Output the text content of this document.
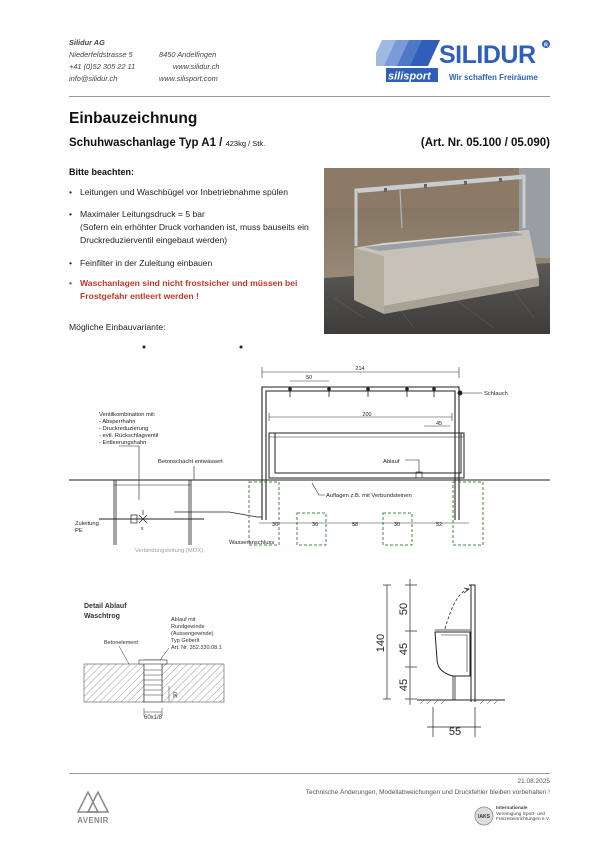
Silidur AG
Niederfeldstrasse 5	8450 Andelfingen
+41 (0)52 305 22 11	www.silidur.ch
info@silidur.ch	www.silisport.com
SILIDUR R
silisport Wir schaffen Freiräume
Einbauzeichnung
Schuhwaschanlage Typ A1 / 423kg / Stk.	(Art. Nr. 05.100 / 05.090)
Bitte beachten:
• Leitungen und Waschbügel vor Inbetriebnahme spülen
• Maximaler Leitungsdruck = 5 bar
(Sofern ein erhöhter Druck vorhanden ist, muss bauseits ein
Druckreduzierventil eingebaut werden)
• Feinfilter in der Zuleitung einbauen
• Waschanlagen sind nicht frostsicher und müssen bei
Frostgefahr entleert werden !
Mögliche Einbauvariante:
214
50
Schlauch
200
45
Ablauf
Betonschacht entwässert
Ventilkombination mit:
- Absperrhahn
- Druckreduzierung
- evtl. Rückschlagventil
- Entleerungshahn
x
Zuleitung
PE
Auflagen z.B. mit Verbundsteinen
30	30	58	30	52
Wasseranschluss
Detail Ablauf
Waschtrog	Ablauf mit
Rundgewinde
(Aussengewinde)
Typ Geberit
Art. Nr. 352.330.08.1
Betonelement
30
60x1/8
140
50
45
45
55
21.08.2025
Technische Änderungen, Modellabweichungen und Druckfehler bleiben vorbehalten !
AVENIR	IAKS
Internationale
Vereinigung Sport- und
Freizeiteinrichtungen e.V.
